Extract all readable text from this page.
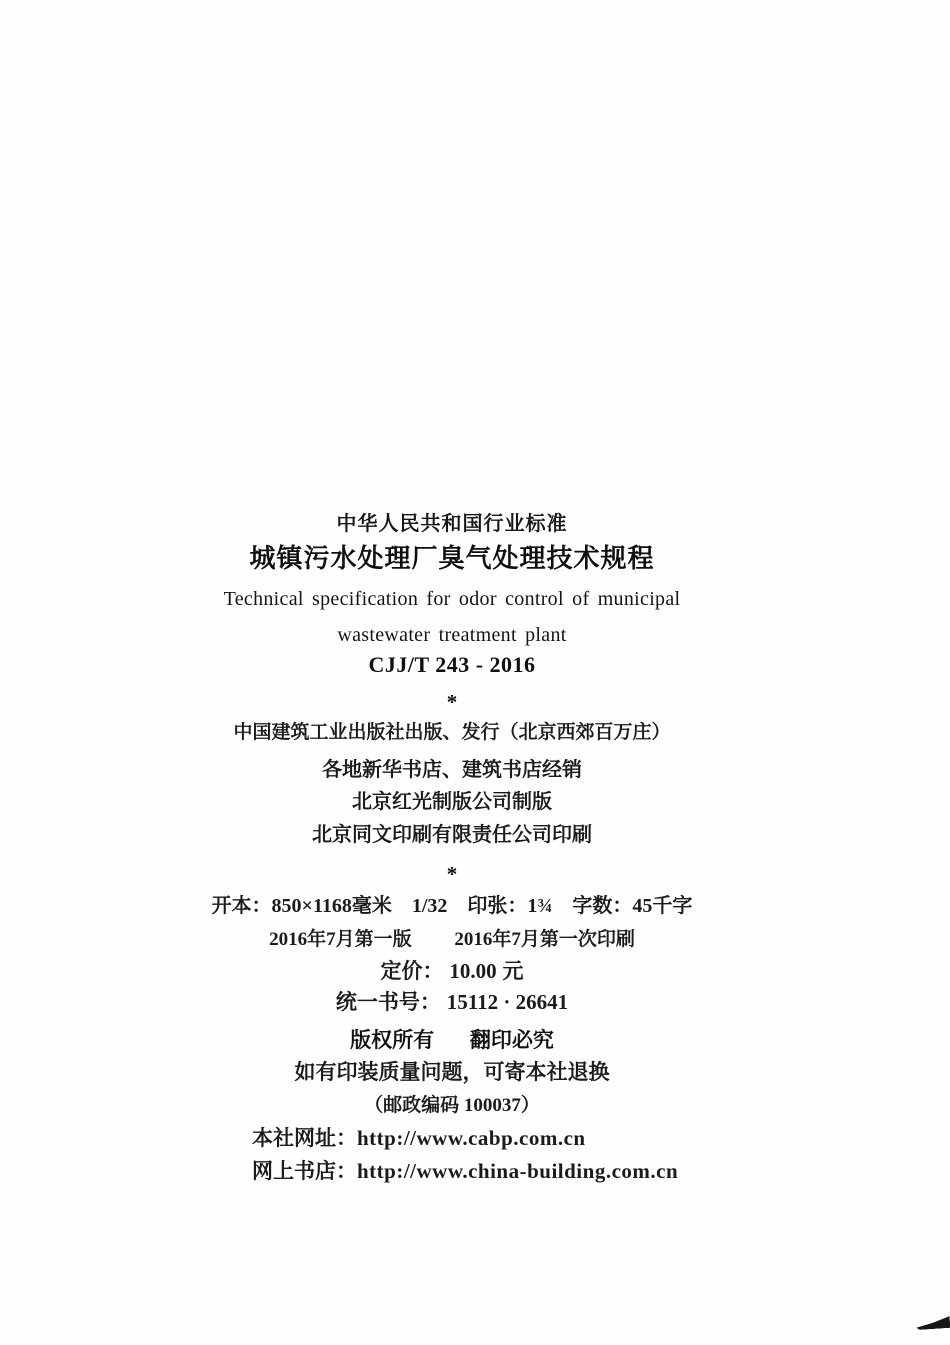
中华人民共和国行业标准
城镇污水处理厂臭气处理技术规程
Technical specification for odor control of municipal
wastewater treatment plant
CJJ/T 243 - 2016
*
中国建筑工业出版社出版、发行（北京西郊百万庄）
各地新华书店、建筑书店经销
北京红光制版公司制版
北京同文印刷有限责任公司印刷
*
开本：850×1168毫米　1/32　印张：1¾　字数：45千字
2016年7月第一版 2016年7月第一次印刷
定价： 10.00 元
统一书号： 15112 · 26641
版权所有 翻印必究
如有印装质量问题，可寄本社退换
（邮政编码 100037）
本社网址：http://www.cabp.com.cn
网上书店：http://www.china-building.com.cn
